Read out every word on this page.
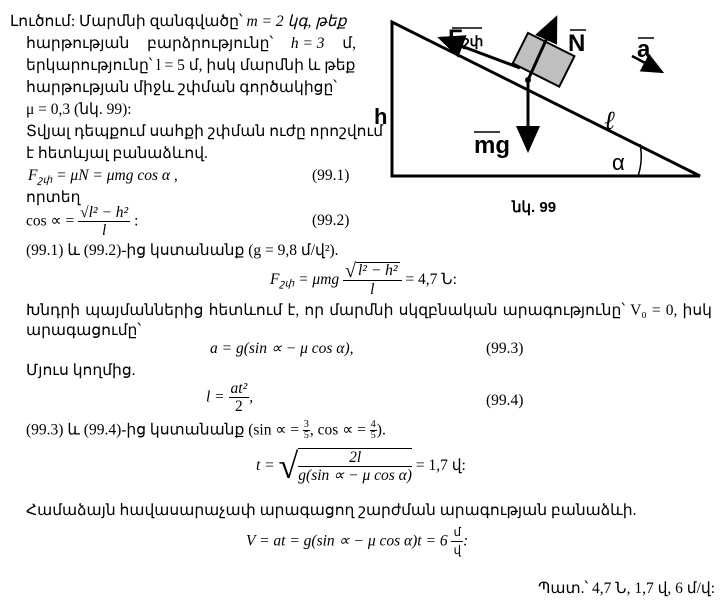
Fշփ	N a
h
mg
ℓ
α
նկ. 99
Լուծում: Մարմնի զանգվածը՝ m = 2 կգ, թեք
հարթության բարձրությունը՝ h = 3 մ,
երկարությունը՝ l = 5 մ, իսկ մարմնի և թեք
հարթության միջև շփման գործակիցը՝
μ = 0,3 (նկ. 99):
Տվյալ դեպքում սահքի շփման ուժը որոշվում
է հետևյալ բանաձևով.
$F_{շփ} = \mu N = \mu mg$ cos α ,	(99.1)
որտեղ
cos ∝ = $\frac{\text{√l² − h²}}{l}$ :	(99.2)
(99.1) և (99.2)-ից կստանանք (g = 9,8 մ/վ²).
$F_{շփ} = \mu mg \frac{\text{√ l² − h²}}{l} = 4,7$ Ն:
Խնդրի պայմաններից հետևում է, որ մարմնի սկզբնական արագությունը՝ V₀ = 0, իսկ
արագացումը՝
a = g(sin ∝ − μ cos α),	(99.3)
Մյուս կողմից.
$l = \frac{\text{at²}}{2}$ ,	(99.4)
(99.3) և (99.4)-ից կստանանք (sin ∝ = $\frac{3}{5}$ , cos ∝ = $\frac{4}{5}$ ).
t = √ $\frac{2l}{\text{g(sin ∝ − μ cos α)}} = 1,7$ վ:
Համաձայն հավասարաչափ արագացող շարժման արագության բանաձևի.
V = at = g(sin ∝ − μ $\cos \alpha)t = 6 \frac{\text{մ}}{\text{վ}}$ :
Պատ.՝ 4,7 Ն, 1,7 վ, 6 մ/վ:
